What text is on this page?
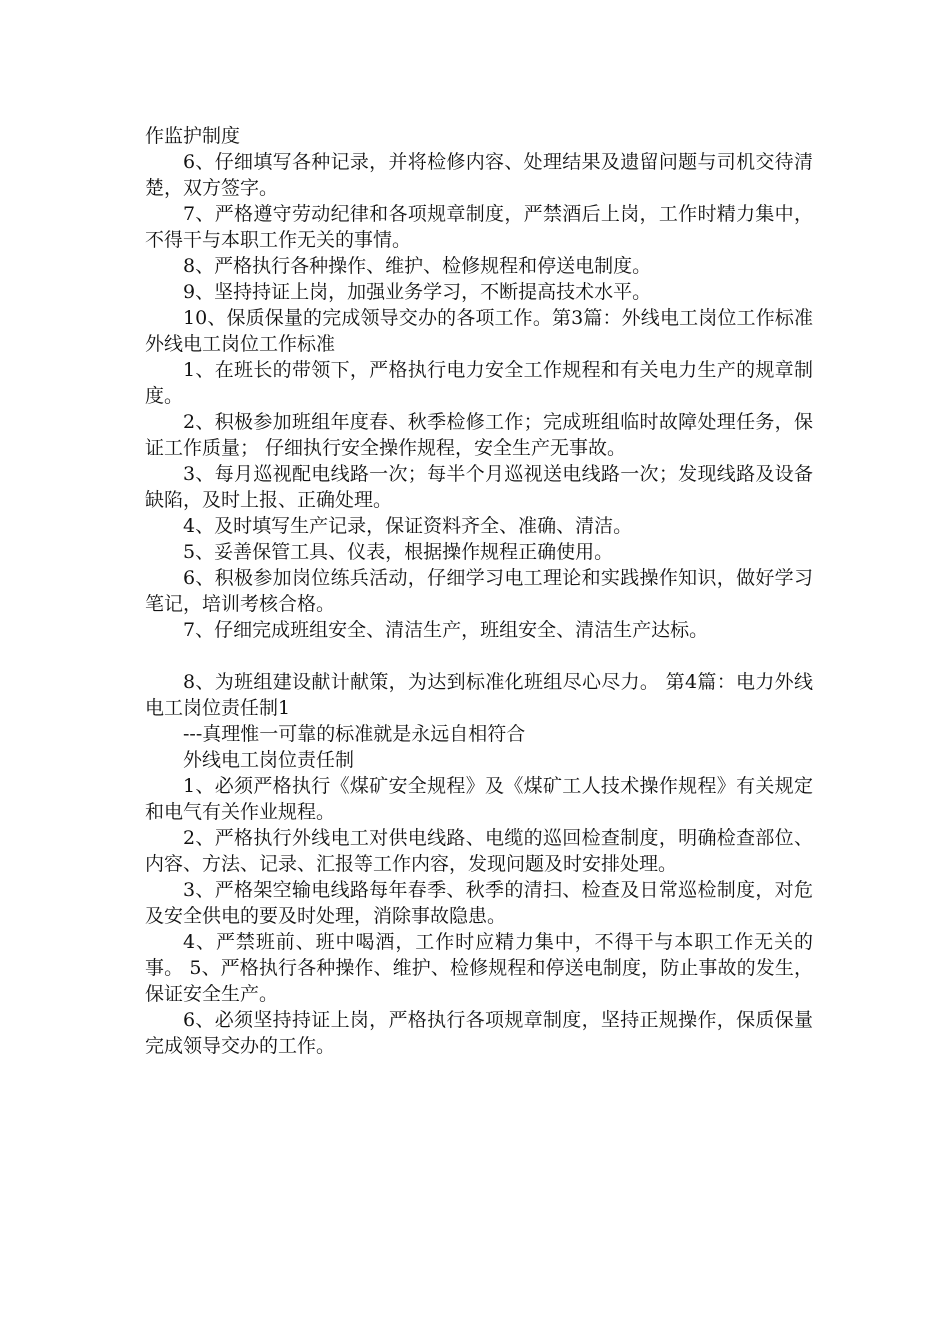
作监护制度

6、仔细填写各种记录，并将检修内容、处理结果及遗留问题与司机交待清楚，双方签字。

7、严格遵守劳动纪律和各项规章制度，严禁酒后上岗，工作时精力集中，不得干与本职工作无关的事情。

8、严格执行各种操作、维护、检修规程和停送电制度。

9、坚持持证上岗，加强业务学习，不断提高技术水平。

10、保质保量的完成领导交办的各项工作。第3篇：外线电工岗位工作标准外线电工岗位工作标准

1、在班长的带领下，严格执行电力安全工作规程和有关电力生产的规章制度。

2、积极参加班组年度春、秋季检修工作；完成班组临时故障处理任务，保证工作质量； 仔细执行安全操作规程，安全生产无事故。

3、每月巡视配电线路一次；每半个月巡视送电线路一次；发现线路及设备缺陷，及时上报、正确处理。

4、及时填写生产记录，保证资料齐全、准确、清洁。

5、妥善保管工具、仪表，根据操作规程正确使用。

6、积极参加岗位练兵活动，仔细学习电工理论和实践操作知识，做好学习笔记，培训考核合格。

7、仔细完成班组安全、清洁生产，班组安全、清洁生产达标。

8、为班组建设献计献策，为达到标准化班组尽心尽力。 第4篇：电力外线电工岗位责任制1

---真理惟一可靠的标准就是永远自相符合

外线电工岗位责任制

1、必须严格执行《煤矿安全规程》及《煤矿工人技术操作规程》有关规定和电气有关作业规程。

2、严格执行外线电工对供电线路、电缆的巡回检查制度，明确检查部位、内容、方法、记录、汇报等工作内容，发现问题及时安排处理。

3、严格架空输电线路每年春季、秋季的清扫、检查及日常巡检制度，对危及安全供电的要及时处理，消除事故隐患。

4、严禁班前、班中喝酒，工作时应精力集中，不得干与本职工作无关的事。 5、严格执行各种操作、维护、检修规程和停送电制度，防止事故的发生，保证安全生产。

6、必须坚持持证上岗，严格执行各项规章制度，坚持正规操作，保质保量完成领导交办的工作。
